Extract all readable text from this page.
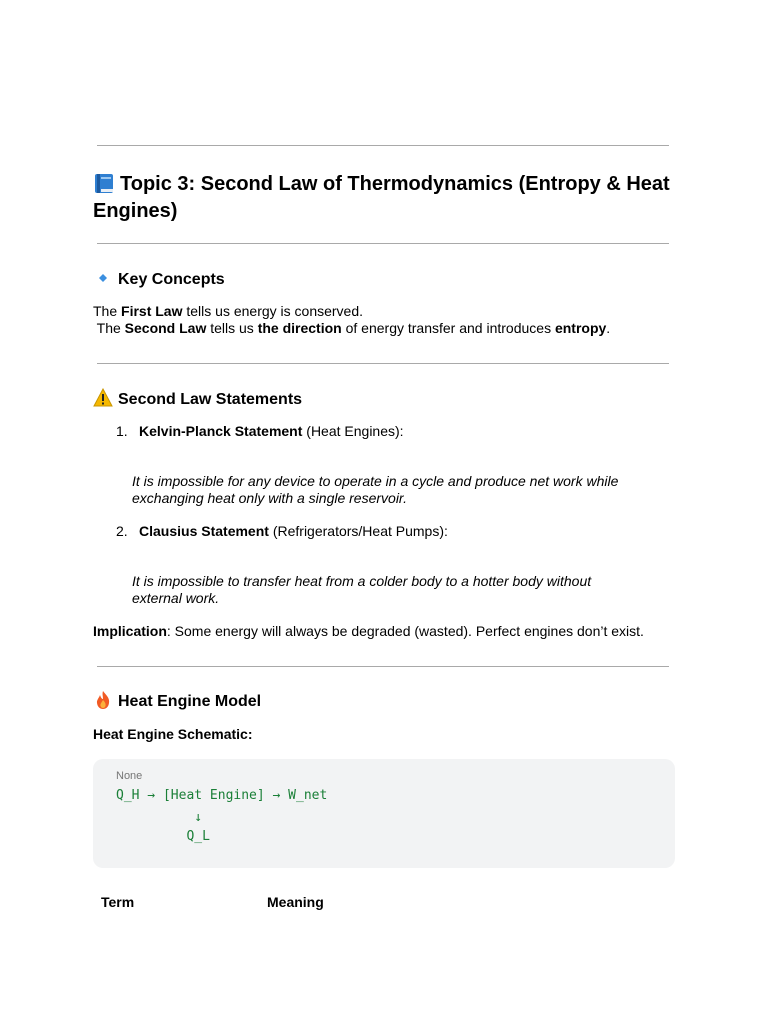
Topic 3: Second Law of Thermodynamics (Entropy & Heat Engines)
Key Concepts

The First Law tells us energy is conserved.

The Second Law tells us the direction of energy transfer and introduces entropy.

Second Law Statements
1. Kelvin-Planck Statement (Heat Engines):
It is impossible for any device to operate in a cycle and produce net work while
exchanging heat only with a single reservoir.
2. Clausius Statement (Refrigerators/Heat Pumps):
It is impossible to transfer heat from a colder body to a hotter body without
external work.

Implication: Some energy will always be degraded (wasted). Perfect engines don’t exist.

Heat Engine Model

Heat Engine Schematic:

None
Q_H → [Heat Engine] → W_net
↓
Q_L
Term	Meaning
